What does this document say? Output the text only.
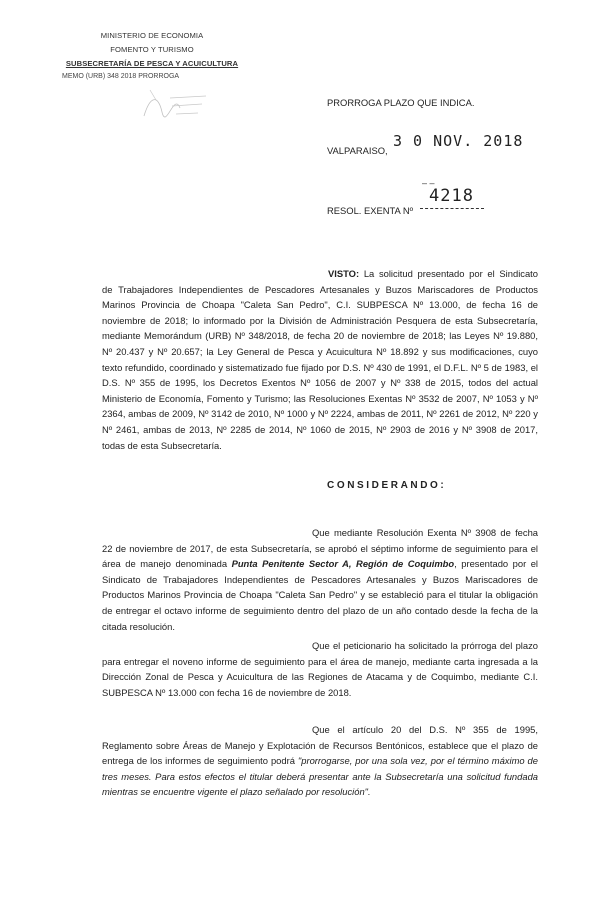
MINISTERIO DE ECONOMIA
FOMENTO Y TURISMO
SUBSECRETARÍA DE PESCA Y ACUICULTURA
MEMO (URB) 348 2018 PRORROGA
PRORROGA PLAZO QUE INDICA.
VALPARAISO,
3 0 NOV. 2018
– –
RESOL. EXENTA Nº
4218
VISTO: La solicitud presentado por el Sindicato de Trabajadores Independientes de Pescadores Artesanales y Buzos Mariscadores de Productos Marinos Provincia de Choapa "Caleta San Pedro", C.I. SUBPESCA Nº 13.000, de fecha 16 de noviembre de 2018; lo informado por la División de Administración Pesquera de esta Subsecretaría, mediante Memorándum (URB) Nº 348/2018, de fecha 20 de noviembre de 2018; las Leyes Nº 19.880, Nº 20.437 y Nº 20.657; la Ley General de Pesca y Acuicultura Nº 18.892 y sus modificaciones, cuyo texto refundido, coordinado y sistematizado fue fijado por D.S. Nº 430 de 1991, el D.F.L. Nº 5 de 1983, el D.S. Nº 355 de 1995, los Decretos Exentos Nº 1056 de 2007 y Nº 338 de 2015, todos del actual Ministerio de Economía, Fomento y Turismo; las Resoluciones Exentas Nº 3532 de 2007, Nº 1053 y Nº 2364, ambas de 2009, Nº 3142 de 2010, Nº 1000 y Nº 2224, ambas de 2011, Nº 2261 de 2012, Nº 220 y Nº 2461, ambas de 2013, Nº 2285 de 2014, Nº 1060 de 2015, Nº 2903 de 2016 y Nº 3908 de 2017, todas de esta Subsecretaría.
CONSIDERANDO:
Que mediante Resolución Exenta Nº 3908 de fecha 22 de noviembre de 2017, de esta Subsecretaría, se aprobó el séptimo informe de seguimiento para el área de manejo denominada Punta Penitente Sector A, Región de Coquimbo, presentado por el Sindicato de Trabajadores Independientes de Pescadores Artesanales y Buzos Mariscadores de Productos Marinos Provincia de Choapa "Caleta San Pedro" y se estableció para el titular la obligación de entregar el octavo informe de seguimiento dentro del plazo de un año contado desde la fecha de la citada resolución.
Que el peticionario ha solicitado la prórroga del plazo para entregar el noveno informe de seguimiento para el área de manejo, mediante carta ingresada a la Dirección Zonal de Pesca y Acuicultura de las Regiones de Atacama y de Coquimbo, mediante C.I. SUBPESCA Nº 13.000 con fecha 16 de noviembre de 2018.
Que el artículo 20 del D.S. Nº 355 de 1995, Reglamento sobre Áreas de Manejo y Explotación de Recursos Bentónicos, establece que el plazo de entrega de los informes de seguimiento podrá "prorrogarse, por una sola vez, por el término máximo de tres meses. Para estos efectos el titular deberá presentar ante la Subsecretaría una solicitud fundada mientras se encuentre vigente el plazo señalado por resolución".
